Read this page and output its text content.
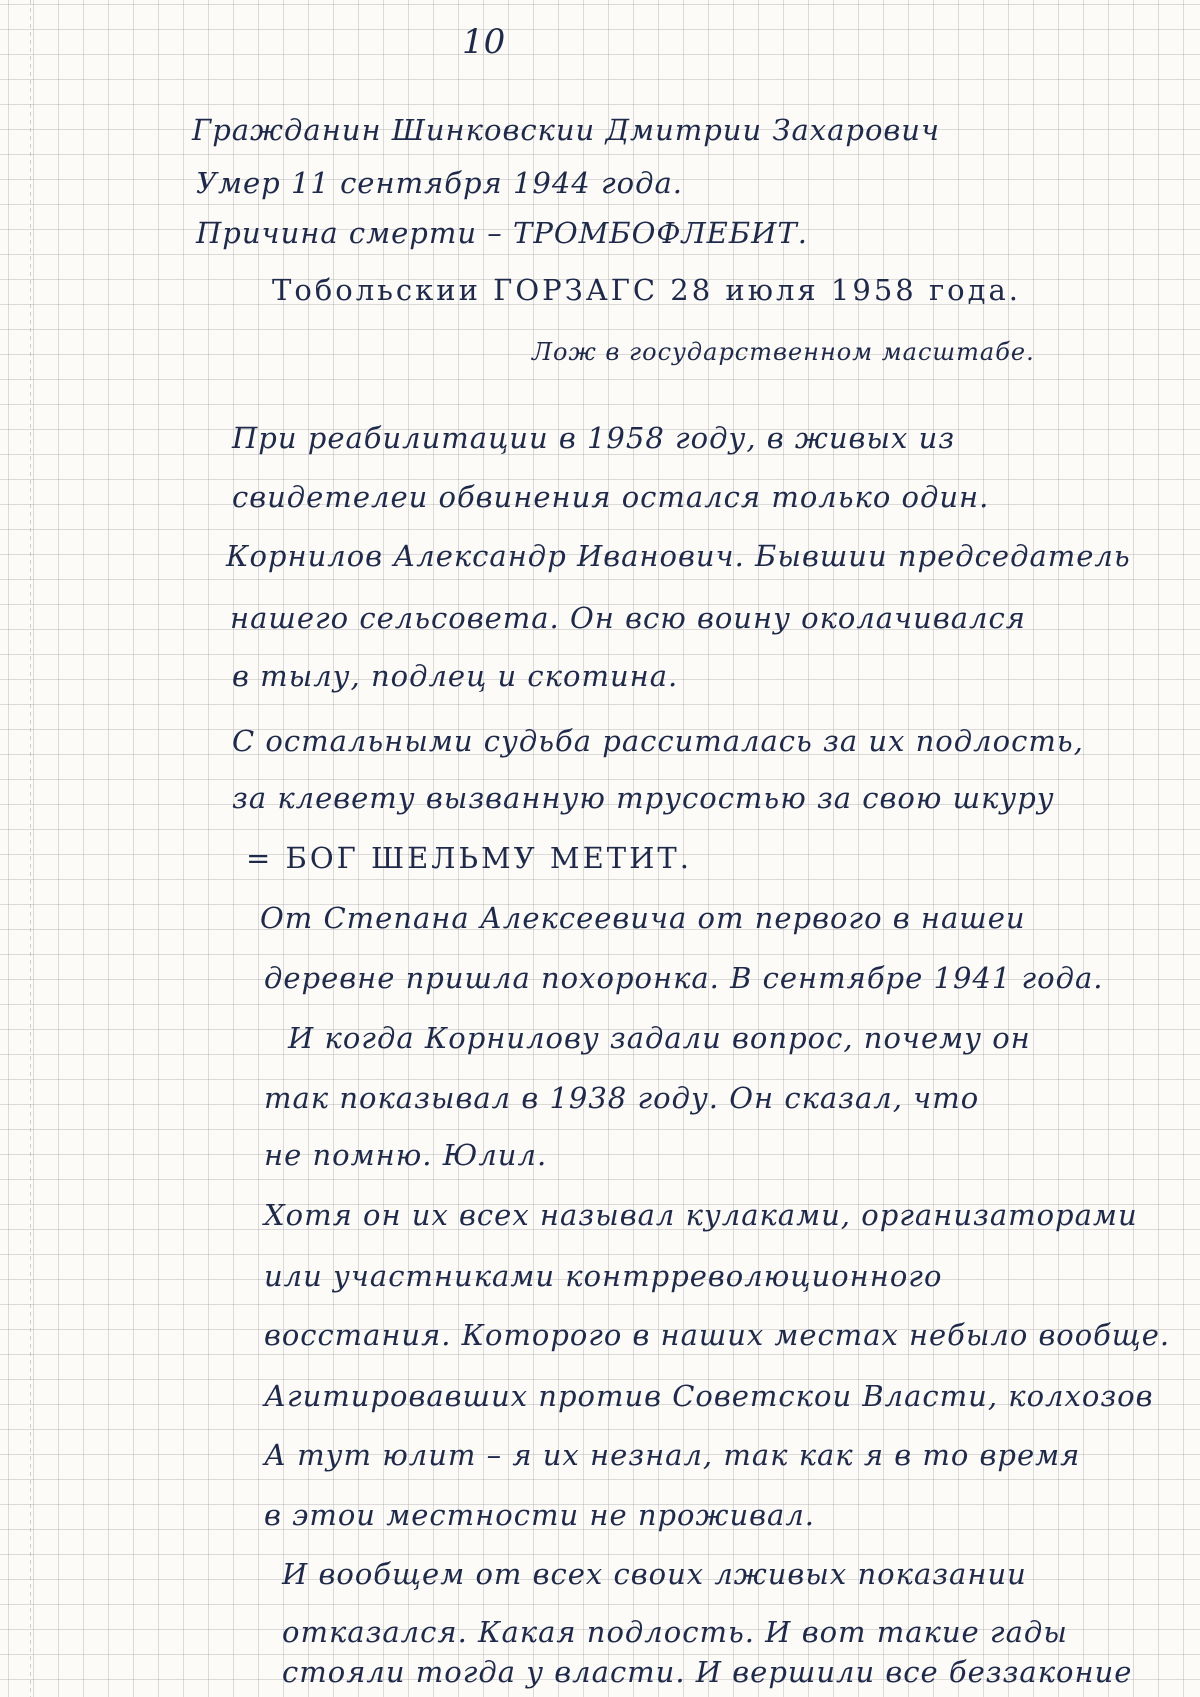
10

Гражданин Шинковскии Дмитрии Захарович

Умер 11 сентября 1944 года.

Причина смерти – ТРОМБОФЛЕБИТ.

Тобольскии ГОРЗАГС 28 июля 1958 года.

Лож в государственном масштабе.

При реабилитации в 1958 году, в живых из

свидетелеи обвинения остался только один.

Корнилов Александр Иванович. Бывшии председатель

нашего сельсовета. Он всю воину околачивался

в тылу, подлец и скотина.

С остальными судьба расситалась за их подлость,

за клевету вызванную трусостью за свою шкуру

= БОГ ШЕЛЬМУ МЕТИТ.

От Степана Алексеевича от первого в нашеи

деревне пришла похоронка. В сентябре 1941 года.

И когда Корнилову задали вопрос, почему он

так показывал в 1938 году. Он сказал, что

не помню. Юлил.

Хотя он их всех называл кулаками, организаторами

или участниками контрреволюционного

восстания. Которого в наших местах небыло вообще.

Агитировавших против Советскои Власти, колхозов

А тут юлит – я их незнал, так как я в то время

в этои местности не проживал.

И вообщем от всех своих лживых показании

отказался. Какая подлость. И вот такие гады

стояли тогда у власти. И вершили все беззаконие
